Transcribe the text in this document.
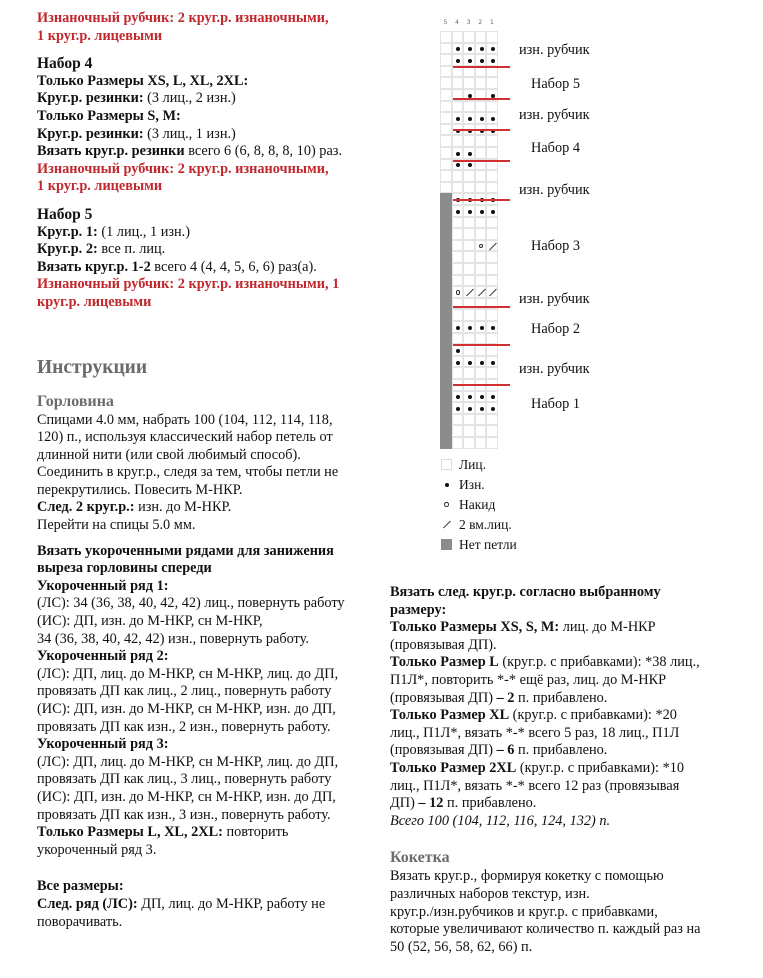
Изнаночный рубчик: 2 круг.р. изнаночными,

1 круг.р. лицевыми

Набор 4

Только Размеры XS, L, XL, 2XL:

Круг.р. резинки: (3 лиц., 2 изн.)

Только Размеры S, M:

Круг.р. резинки: (3 лиц., 1 изн.)

Вязать круг.р. резинки всего 6 (6, 8, 8, 8, 10) раз.

Изнаночный рубчик: 2 круг.р. изнаночными,

1 круг.р. лицевыми

Набор 5

Круг.р. 1: (1 лиц., 1 изн.)

Круг.р. 2: все п. лиц.

Вязать круг.р. 1-2 всего 4 (4, 4, 5, 6, 6) раз(а).

Изнаночный рубчик: 2 круг.р. изнаночными, 1

круг.р. лицевыми

Инструкции

Горловина

Спицами 4.0 мм, набрать 100 (104, 112, 114, 118,

120) п., используя классический набор петель от

длинной нити (или свой любимый способ).

Соединить в круг.р., следя за тем, чтобы петли не

перекрутились. Повесить М-НКР.

След. 2 круг.р.: изн. до М-НКР.

Перейти на спицы 5.0 мм.

Вязать укороченными рядами для занижения

выреза горловины спереди

Укороченный ряд 1:

(ЛС): 34 (36, 38, 40, 42, 42) лиц., повернуть работу

(ИС): ДП, изн. до М-НКР, сн М-НКР,

34 (36, 38, 40, 42, 42) изн., повернуть работу.

Укороченный ряд 2:

(ЛС): ДП, лиц. до М-НКР, сн М-НКР, лиц. до ДП,

провязать ДП как лиц., 2 лиц., повернуть работу

(ИС): ДП, изн. до М-НКР, сн М-НКР, изн. до ДП,

провязать ДП как изн., 2 изн., повернуть работу.

Укороченный ряд 3:

(ЛС): ДП, лиц. до М-НКР, сн М-НКР, лиц. до ДП,

провязать ДП как лиц., 3 лиц., повернуть работу

(ИС): ДП, изн. до М-НКР, сн М-НКР, изн. до ДП,

провязать ДП как изн., 3 изн., повернуть работу.

Только Размеры L, XL, 2XL: повторить

укороченный ряд 3.

Все размеры:

След. ряд (ЛС): ДП, лиц. до М-НКР, работу не

поворачивать.

5	4	3	2	1
изн. рубчик
Набор 5
изн. рубчик
Набор 4
изн. рубчик
Набор 3
изн. рубчик
Набор 2
изн. рубчик
Набор 1
Лиц.
Изн.
Накид
2 вм.лиц.
Нет петли

Вязать след. круг.р. согласно выбранному

размеру:

Только Размеры XS, S, M: лиц. до М-НКР

(провязывая ДП).

Только Размер L (круг.р. с прибавками): *38 лиц.,

П1Л*, повторить *-* ещё раз, лиц. до М-НКР

(провязывая ДП) – 2 п. прибавлено.

Только Размер XL (круг.р. с прибавками): *20

лиц., П1Л*, вязать *-* всего 5 раз, 18 лиц., П1Л

(провязывая ДП) – 6 п. прибавлено.

Только Размер 2XL (круг.р. с прибавками): *10

лиц., П1Л*, вязать *-* всего 12 раз (провязывая

ДП) – 12 п. прибавлено.

Всего 100 (104, 112, 116, 124, 132) п.

Кокетка

Вязать круг.р., формируя кокетку с помощью

различных наборов текстур, изн.

круг.р./изн.рубчиков и круг.р. с прибавками,

которые увеличивают количество п. каждый раз на

50 (52, 56, 58, 62, 66) п.
